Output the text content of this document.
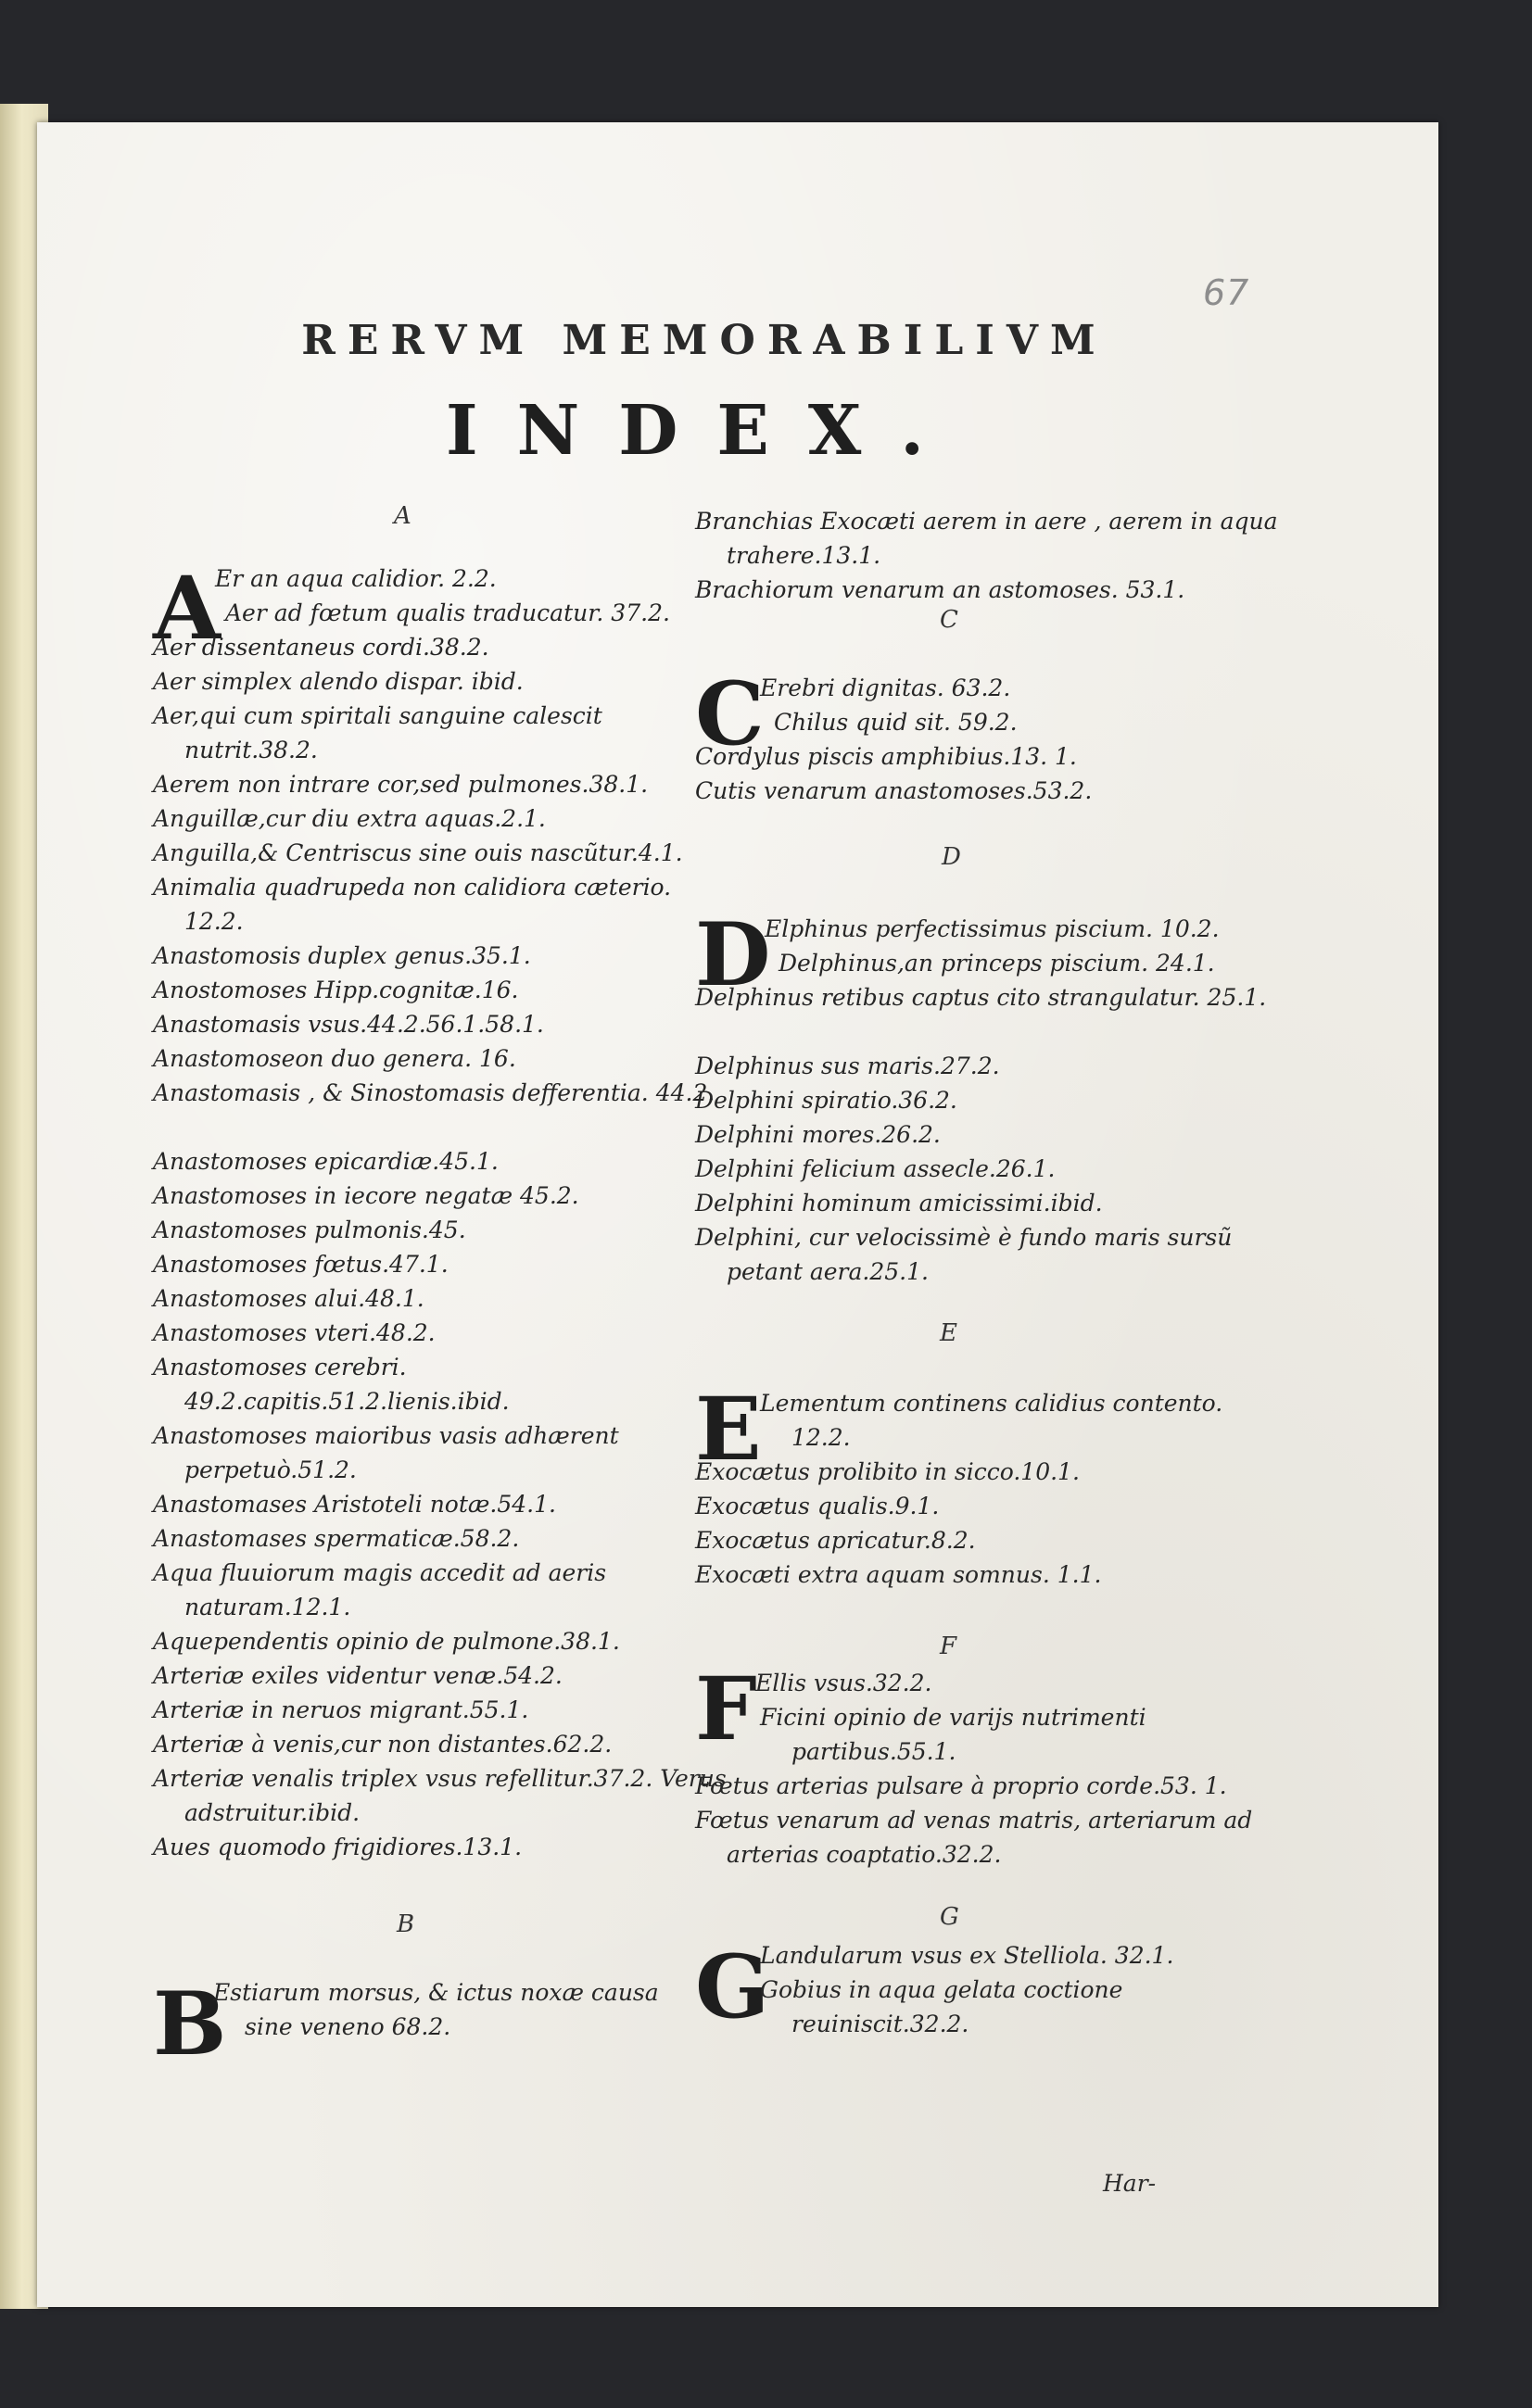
67
RERVM MEMORABILIVM
INDEX.
A
A
Er an aqua calidior. 2.2.
Aer ad fœtum qualis traducatur. 37.2.
Aer dissentaneus cordi.38.2.
Aer simplex alendo dispar. ibid.
Aer,qui cum spiritali sanguine calescit nutrit.38.2.
Aerem non intrare cor,sed pulmones.38.1.
Anguillæ,cur diu extra aquas.2.1.
Anguilla,& Centriscus sine ouis nascũtur.4.1.
Animalia quadrupeda non calidiora cæterio. 12.2.
Anastomosis duplex genus.35.1.
Anostomoses Hipp.cognitæ.16.
Anastomasis vsus.44.2.56.1.58.1.
Anastomoseon duo genera. 16.
Anastomasis , & Sinostomasis defferentia. 44.2.
Anastomoses epicardiæ.45.1.
Anastomoses in iecore negatæ 45.2.
Anastomoses pulmonis.45.
Anastomoses fœtus.47.1.
Anastomoses alui.48.1.
Anastomoses vteri.48.2.
Anastomoses cerebri. 49.2.capitis.51.2.lienis.ibid.
Anastomoses maioribus vasis adhærent perpetuò.51.2.
Anastomases Aristoteli notæ.54.1.
Anastomases spermaticæ.58.2.
Aqua fluuiorum magis accedit ad aeris naturam.12.1.
Aquependentis opinio de pulmone.38.1.
Arteriæ exiles videntur venæ.54.2.
Arteriæ in neruos migrant.55.1.
Arteriæ à venis,cur non distantes.62.2.
Arteriæ venalis triplex vsus refellitur.37.2. Verus adstruitur.ibid.
Aues quomodo frigidiores.13.1.
B
B
Estiarum morsus, & ictus noxæ causa sine veneno 68.2.
Branchias Exocæti aerem in aere , aerem in aqua trahere.13.1.
Brachiorum venarum an astomoses. 53.1.
C
C
Erebri dignitas. 63.2.
Chilus quid sit. 59.2.
Cordylus piscis amphibius.13. 1.
Cutis venarum anastomoses.53.2.
D
D
Elphinus perfectissimus piscium. 10.2.
Delphinus,an princeps piscium. 24.1.
Delphinus retibus captus cito strangulatur. 25.1.
Delphinus sus maris.27.2.
Delphini spiratio.36.2.
Delphini mores.26.2.
Delphini felicium assecle.26.1.
Delphini hominum amicissimi.ibid.
Delphini, cur velocissimè è fundo maris sursũ petant aera.25.1.
E
E
Lementum continens calidius contento. 12.2.
Exocætus prolibito in sicco.10.1.
Exocætus qualis.9.1.
Exocætus apricatur.8.2.
Exocæti extra aquam somnus. 1.1.
F
F
Ellis vsus.32.2.
Ficini opinio de varijs nutrimenti partibus.55.1.
Fœtus arterias pulsare à proprio corde.53. 1.
Fœtus venarum ad venas matris, arteriarum ad arterias coaptatio.32.2.
G
G
Landularum vsus ex Stelliola. 32.1.
Gobius in aqua gelata coctione reuiniscit.32.2.
Har-
